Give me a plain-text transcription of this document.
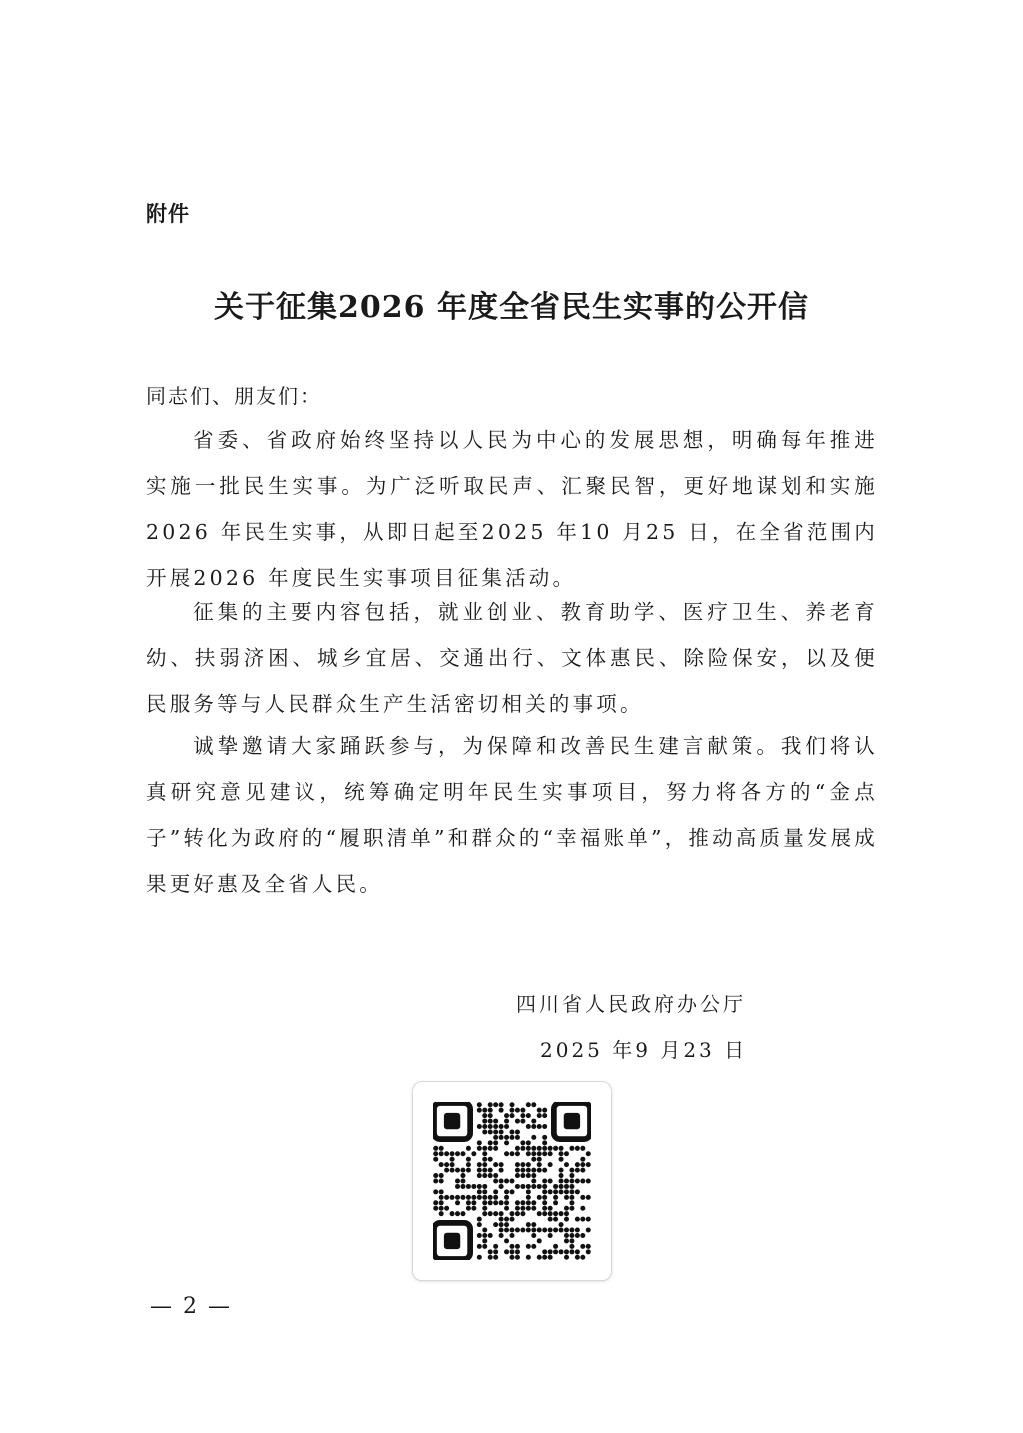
附件
关于征集2026 年度全省民生实事的公开信
同志们、朋友们：
省委、省政府始终坚持以人民为中心的发展思想，明确每年推进实施一批民生实事。为广泛听取民声、汇聚民智，更好地谋划和实施2026 年民生实事，从即日起至2025 年10 月25 日，在全省范围内开展2026 年度民生实事项目征集活动。
征集的主要内容包括，就业创业、教育助学、医疗卫生、养老育幼、扶弱济困、城乡宜居、交通出行、文体惠民、除险保安，以及便民服务等与人民群众生产生活密切相关的事项。
诚挚邀请大家踊跃参与，为保障和改善民生建言献策。我们将认真研究意见建议，统筹确定明年民生实事项目，努力将各方的“金点子”转化为政府的“履职清单”和群众的“幸福账单”，推动高质量发展成果更好惠及全省人民。
四川省人民政府办公厅
2025 年9 月23 日
— 2 —
